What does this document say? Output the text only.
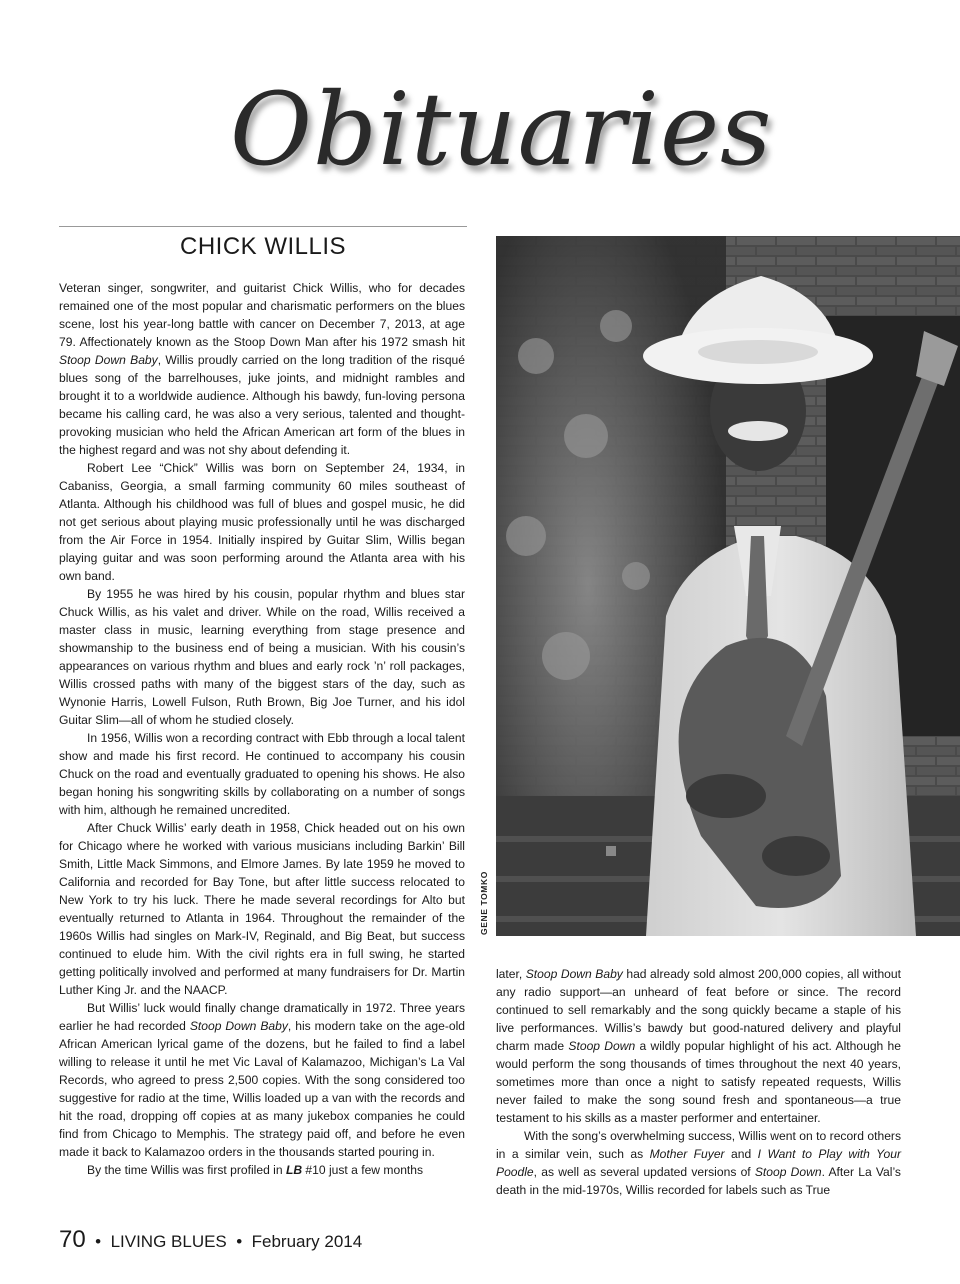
Obituaries
CHICK WILLIS

Veteran singer, songwriter, and guitarist Chick Willis, who for decades remained one of the most popular and charismatic performers on the blues scene, lost his year-long battle with cancer on December 7, 2013, at age 79. Affectionately known as the Stoop Down Man after his 1972 smash hit Stoop Down Baby, Willis proudly carried on the long tradition of the risqué blues song of the barrelhouses, juke joints, and midnight rambles and brought it to a worldwide audience. Although his bawdy, fun-loving persona became his calling card, he was also a very serious, talented and thought-provoking musician who held the African American art form of the blues in the highest regard and was not shy about defending it.

Robert Lee “Chick” Willis was born on September 24, 1934, in Cabaniss, Georgia, a small farming community 60 miles southeast of Atlanta. Although his childhood was full of blues and gospel music, he did not get serious about playing music professionally until he was discharged from the Air Force in 1954. Initially inspired by Guitar Slim, Willis began playing guitar and was soon performing around the Atlanta area with his own band.

By 1955 he was hired by his cousin, popular rhythm and blues star Chuck Willis, as his valet and driver. While on the road, Willis received a master class in music, learning everything from stage presence and showmanship to the business end of being a musician. With his cousin’s appearances on various rhythm and blues and early rock ’n’ roll packages, Willis crossed paths with many of the biggest stars of the day, such as Wynonie Harris, Lowell Fulson, Ruth Brown, Big Joe Turner, and his idol Guitar Slim—all of whom he studied closely.

In 1956, Willis won a recording contract with Ebb through a local talent show and made his first record. He continued to accompany his cousin Chuck on the road and eventually graduated to opening his shows. He also began honing his songwriting skills by collaborating on a number of songs with him, although he remained uncredited.

After Chuck Willis’ early death in 1958, Chick headed out on his own for Chicago where he worked with various musicians including Barkin’ Bill Smith, Little Mack Simmons, and Elmore James. By late 1959 he moved to California and recorded for Bay Tone, but after little success relocated to New York to try his luck. There he made several recordings for Alto but eventually returned to Atlanta in 1964. Throughout the remainder of the 1960s Willis had singles on Mark-IV, Reginald, and Big Beat, but success continued to elude him. With the civil rights era in full swing, he started getting politically involved and performed at many fundraisers for Dr. Martin Luther King Jr. and the NAACP.

But Willis’ luck would finally change dramatically in 1972. Three years earlier he had recorded Stoop Down Baby, his modern take on the age-old African American lyrical game of the dozens, but he failed to find a label willing to release it until he met Vic Laval of Kalamazoo, Michigan’s La Val Records, who agreed to press 2,500 copies. With the song considered too suggestive for radio at the time, Willis loaded up a van with the records and hit the road, dropping off copies at as many jukebox companies he could find from Chicago to Memphis. The strategy paid off, and before he even made it back to Kalamazoo orders in the thousands started pouring in.

By the time Willis was first profiled in LB #10 just a few months

GENE TOMKO

later, Stoop Down Baby had already sold almost 200,000 copies, all without any radio support—an unheard of feat before or since. The record continued to sell remarkably and the song quickly became a staple of his live performances. Willis’s bawdy but good-natured delivery and playful charm made Stoop Down a wildly popular highlight of his act. Although he would perform the song thousands of times throughout the next 40 years, sometimes more than once a night to satisfy repeated requests, Willis never failed to make the song sound fresh and spontaneous—a true testament to his skills as a master performer and entertainer.

With the song’s overwhelming success, Willis went on to record others in a similar vein, such as Mother Fuyer and I Want to Play with Your Poodle, as well as several updated versions of Stoop Down. After La Val’s death in the mid-1970s, Willis recorded for labels such as True

70 • LIVING BLUES • February 2014
